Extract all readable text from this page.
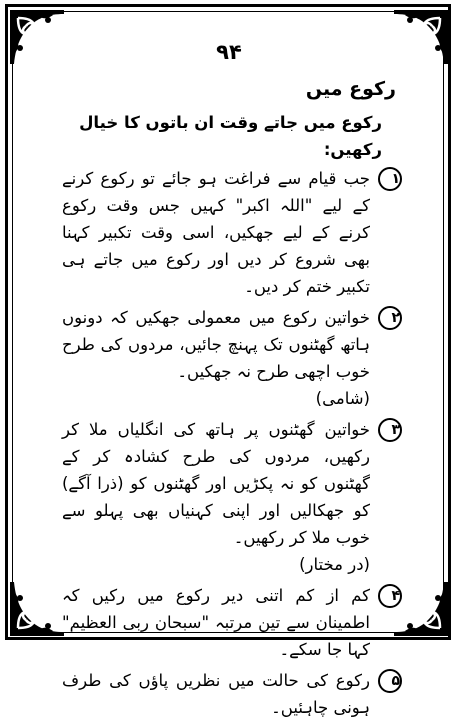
۹۴
رکوع میں
رکوع میں جاتے وقت ان باتوں کا خیال رکھیں:
۱
جب قیام سے فراغت ہو جائے تو رکوع کرنے کے لیے "اللہ اکبر" کہیں جس وقت رکوع کرنے کے لیے جھکیں، اسی وقت تکبیر کہنا بھی شروع کر دیں اور رکوع میں جاتے ہی تکبیر ختم کر دیں۔
۲
خواتین رکوع میں معمولی جھکیں کہ دونوں ہاتھ گھٹنوں تک پہنچ جائیں، مردوں کی طرح خوب اچھی طرح نہ جھکیں۔
(شامی)
۳
خواتین گھٹنوں پر ہاتھ کی انگلیاں ملا کر رکھیں، مردوں کی طرح کشادہ کر کے گھٹنوں کو نہ پکڑیں اور گھٹنوں کو (ذرا آگے) کو جھکالیں اور اپنی کہنیاں بھی پہلو سے خوب ملا کر رکھیں۔
(در مختار)
۴
کم از کم اتنی دیر رکوع میں رکیں کہ اطمینان سے تین مرتبہ "سبحان ربی العظیم" کہا جا سکے۔
۵
رکوع کی حالت میں نظریں پاؤں کی طرف ہونی چاہئیں۔
